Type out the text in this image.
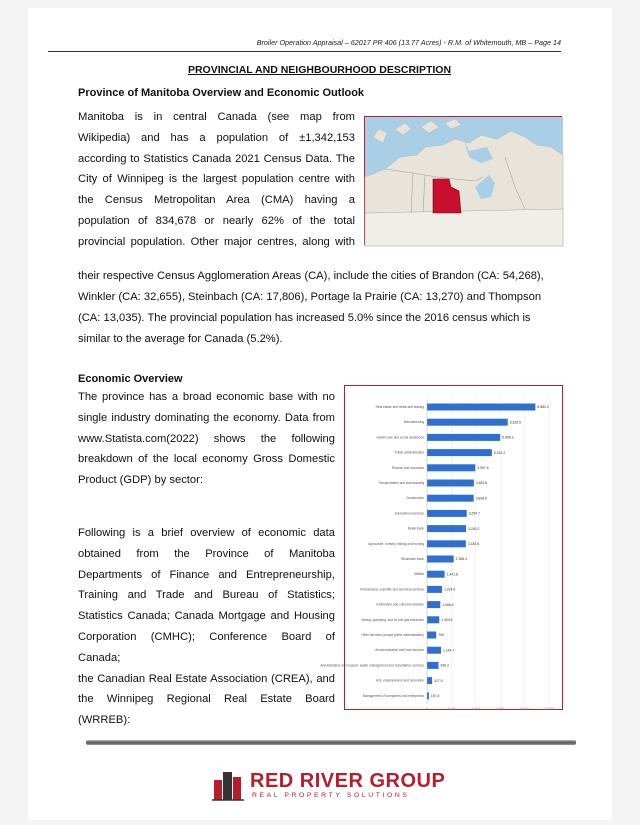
Broiler Operation Appraisal – 62017 PR 406 (13.77 Acres) - R.M. of Whitemouth, MB – Page 14
PROVINCIAL AND NEIGHBOURHOOD DESCRIPTION
Province of Manitoba Overview and Economic Outlook
Manitoba is in central Canada (see map from
Wikipedia) and has a population of ±1,342,153
according to Statistics Canada 2021 Census Data. The
City of Winnipeg is the largest population centre with
the Census Metropolitan Area (CMA) having a
population of 834,678 or nearly 62% of the total
provincial population. Other major centres, along with
their respective Census Agglomeration Areas (CA), include the cities of Brandon (CA: 54,268), Winkler (CA: 32,655), Steinbach (CA: 17,806), Portage la Prairie (CA: 13,270) and Thompson (CA: 13,035). The provincial population has increased 5.0% since the 2016 census which is similar to the average for Canada (5.2%).
Economic Overview
The province has a broad economic base with no
single industry dominating the economy. Data from
www.Statista.com(2022) shows the following
breakdown of the local economy Gross Domestic
Product (GDP) by sector:
Following is a brief overview of economic data
obtained from the Province of Manitoba
Departments of Finance and Entrepreneurship,
Training and Trade and Bureau of Statistics;
Statistics Canada; Canada Mortgage and Housing
Corporation (CMHC); Conference Board of Canada;
the Canadian Real Estate Association (CREA), and
the Winnipeg Regional Real Estate Board (WRREB):
0	2,000	4,000	6,000	8,000	10,000
Real estate and rental and leasing	8,882.4
Manufacturing	6,619.5
Health care and social assistance	5,998.3
Public administration	5,314.2
Finance and insurance	3,957.6
Transportation and warehousing	3,842.6
Construction	3,828.6
Educational services	3,254.7
Retail trade	3,200.2
Agriculture, forestry, fishing and hunting	3,183.6
Wholesale trade	2,186.3
Utilities	1,441.8
Professional, scientific and technical services	1,224.8
Information and cultural industries	1,086.9
Mining, quarrying, and oil and gas extraction	1,004.5
Other services (except public administration)	754
Accommodation and food services	1,144.7
Administrative and support, waste management and remediation services	946.2
Arts, entertainment and recreation	417.5
Management of companies and enterprises 157.5
RED RIVER GROUP
REAL PROPERTY SOLUTIONS
